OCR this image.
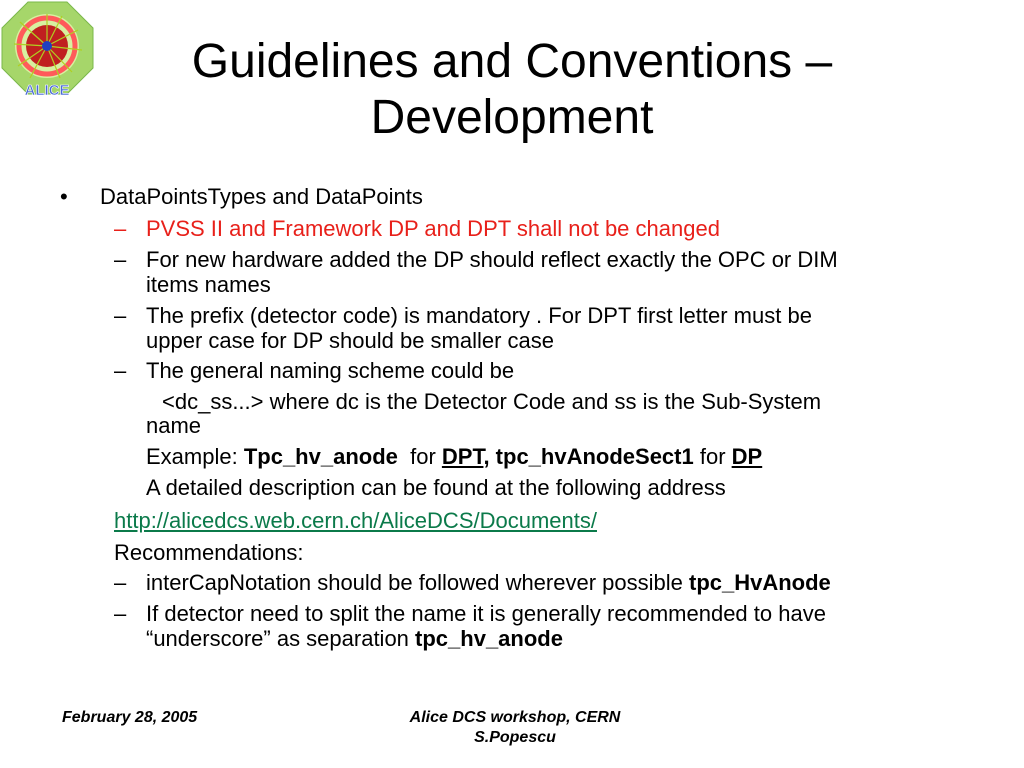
ALICE
Guidelines and Conventions –
Development
• DataPointsTypes and DataPoints
– PVSS II and Framework DP and DPT shall not be changed
– For new hardware added the DP should reflect exactly the OPC or DIM
items names
– The prefix (detector code) is mandatory . For DPT first letter must be
upper case for DP should be smaller case
– The general naming scheme could be
<dc_ss...> where dc is the Detector Code and ss is the Sub-System
name
Example: Tpc_hv_anode  for DPT, tpc_hvAnodeSect1 for DP
A detailed description can be found at the following address
http://alicedcs.web.cern.ch/AliceDCS/Documents/
Recommendations:
– interCapNotation should be followed wherever possible tpc_HvAnode
– If detector need to split the name it is generally recommended to have
“underscore” as separation tpc_hv_anode
February 28, 2005	Alice DCS workshop, CERN
S.Popescu
